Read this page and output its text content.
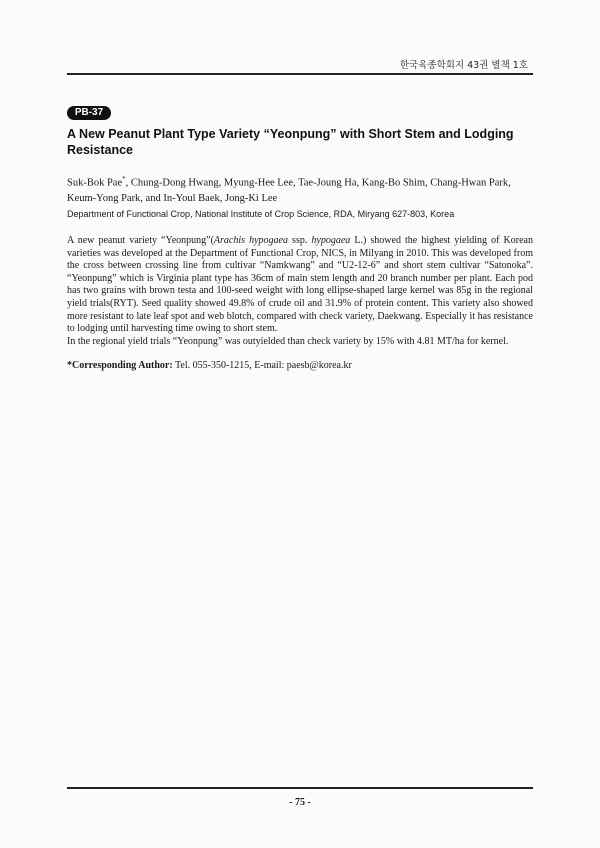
한국육종학회지 43권 별책 1호
PB-37
A New Peanut Plant Type Variety “Yeonpung” with Short Stem and Lodging Resistance
Suk-Bok Pae*, Chung-Dong Hwang, Myung-Hee Lee, Tae-Joung Ha, Kang-Bo Shim, Chang-Hwan Park, Keum-Yong Park, and In-Youl Baek, Jong-Ki Lee
Department of Functional Crop, National Institute of Crop Science, RDA, Miryang 627-803, Korea

A new peanut variety “Yeonpung”(Arachis hypogaea ssp. hypogaea L.) showed the highest yielding of Korean varieties was developed at the Department of Functional Crop, NICS, in Milyang in 2010. This was developed from the cross between crossing line from cultivar “Namkwang” and “U2-12-6” and short stem cultivar “Satonoka”. “Yeonpung” which is Virginia plant type has 36cm of main stem length and 20 branch number per plant. Each pod has two grains with brown testa and 100-seed weight with long ellipse-shaped large kernel was 85g in the regional yield trials(RYT). Seed quality showed 49.8% of crude oil and 31.9% of protein content. This variety also showed more resistant to late leaf spot and web blotch, compared with check variety, Daekwang. Especially it has resistance to lodging until harvesting time owing to short stem.

In the regional yield trials “Yeonpung” was outyielded than check variety by 15% with 4.81 MT/ha for kernel.

*Corresponding Author: Tel. 055-350-1215, E-mail: paesb@korea.kr
- 75 -
